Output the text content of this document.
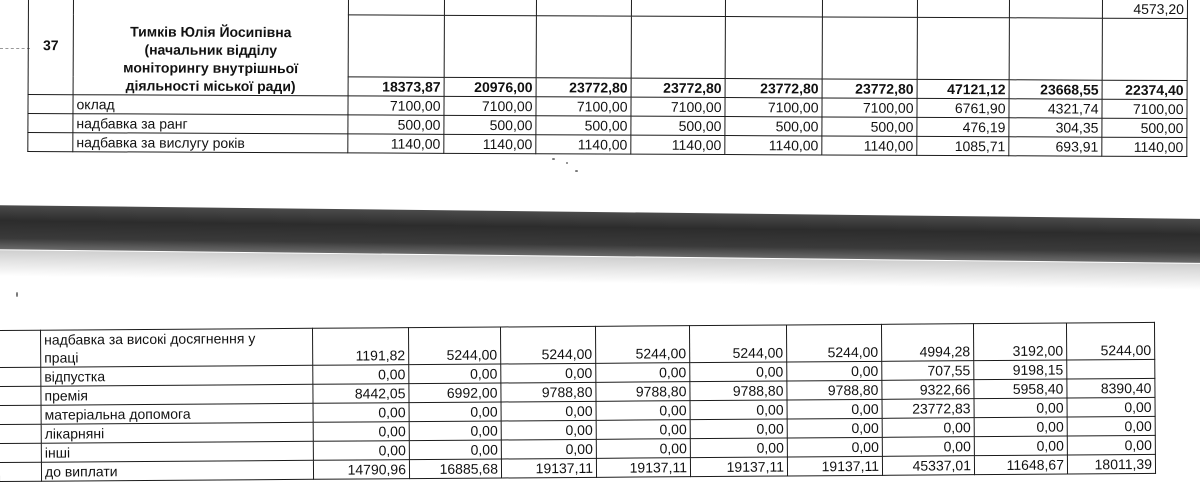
37	Тимків Юлія Йосипівна
(начальник відділу
моніторингу внутрішньої
діяльності міської ради)									4573,20

		18373,87	20976,00	23772,80	23772,80	23772,80	23772,80	47121,12	23668,55	22374,40
	оклад	7100,00	7100,00	7100,00	7100,00	7100,00	7100,00	6761,90	4321,74	7100,00
	надбавка за ранг	500,00	500,00	500,00	500,00	500,00	500,00	476,19	304,35	500,00
	надбавка за вислугу років	1140,00	1140,00	1140,00	1140,00	1140,00	1140,00	1085,71	693,91	1140,00

	надбавка за високі досягнення у
праці	1191,82	5244,00	5244,00	5244,00	5244,00	5244,00	4994,28	3192,00	5244,00
	відпустка	0,00	0,00	0,00	0,00	0,00	0,00	707,55	9198,15	
	премія	8442,05	6992,00	9788,80	9788,80	9788,80	9788,80	9322,66	5958,40	8390,40
	матеріальна допомога	0,00	0,00	0,00	0,00	0,00	0,00	23772,83	0,00	0,00
	лікарняні	0,00	0,00	0,00	0,00	0,00	0,00	0,00	0,00	0,00
	інші	0,00	0,00	0,00	0,00	0,00	0,00	0,00	0,00	0,00
	до виплати	14790,96	16885,68	19137,11	19137,11	19137,11	19137,11	45337,01	11648,67	18011,39
